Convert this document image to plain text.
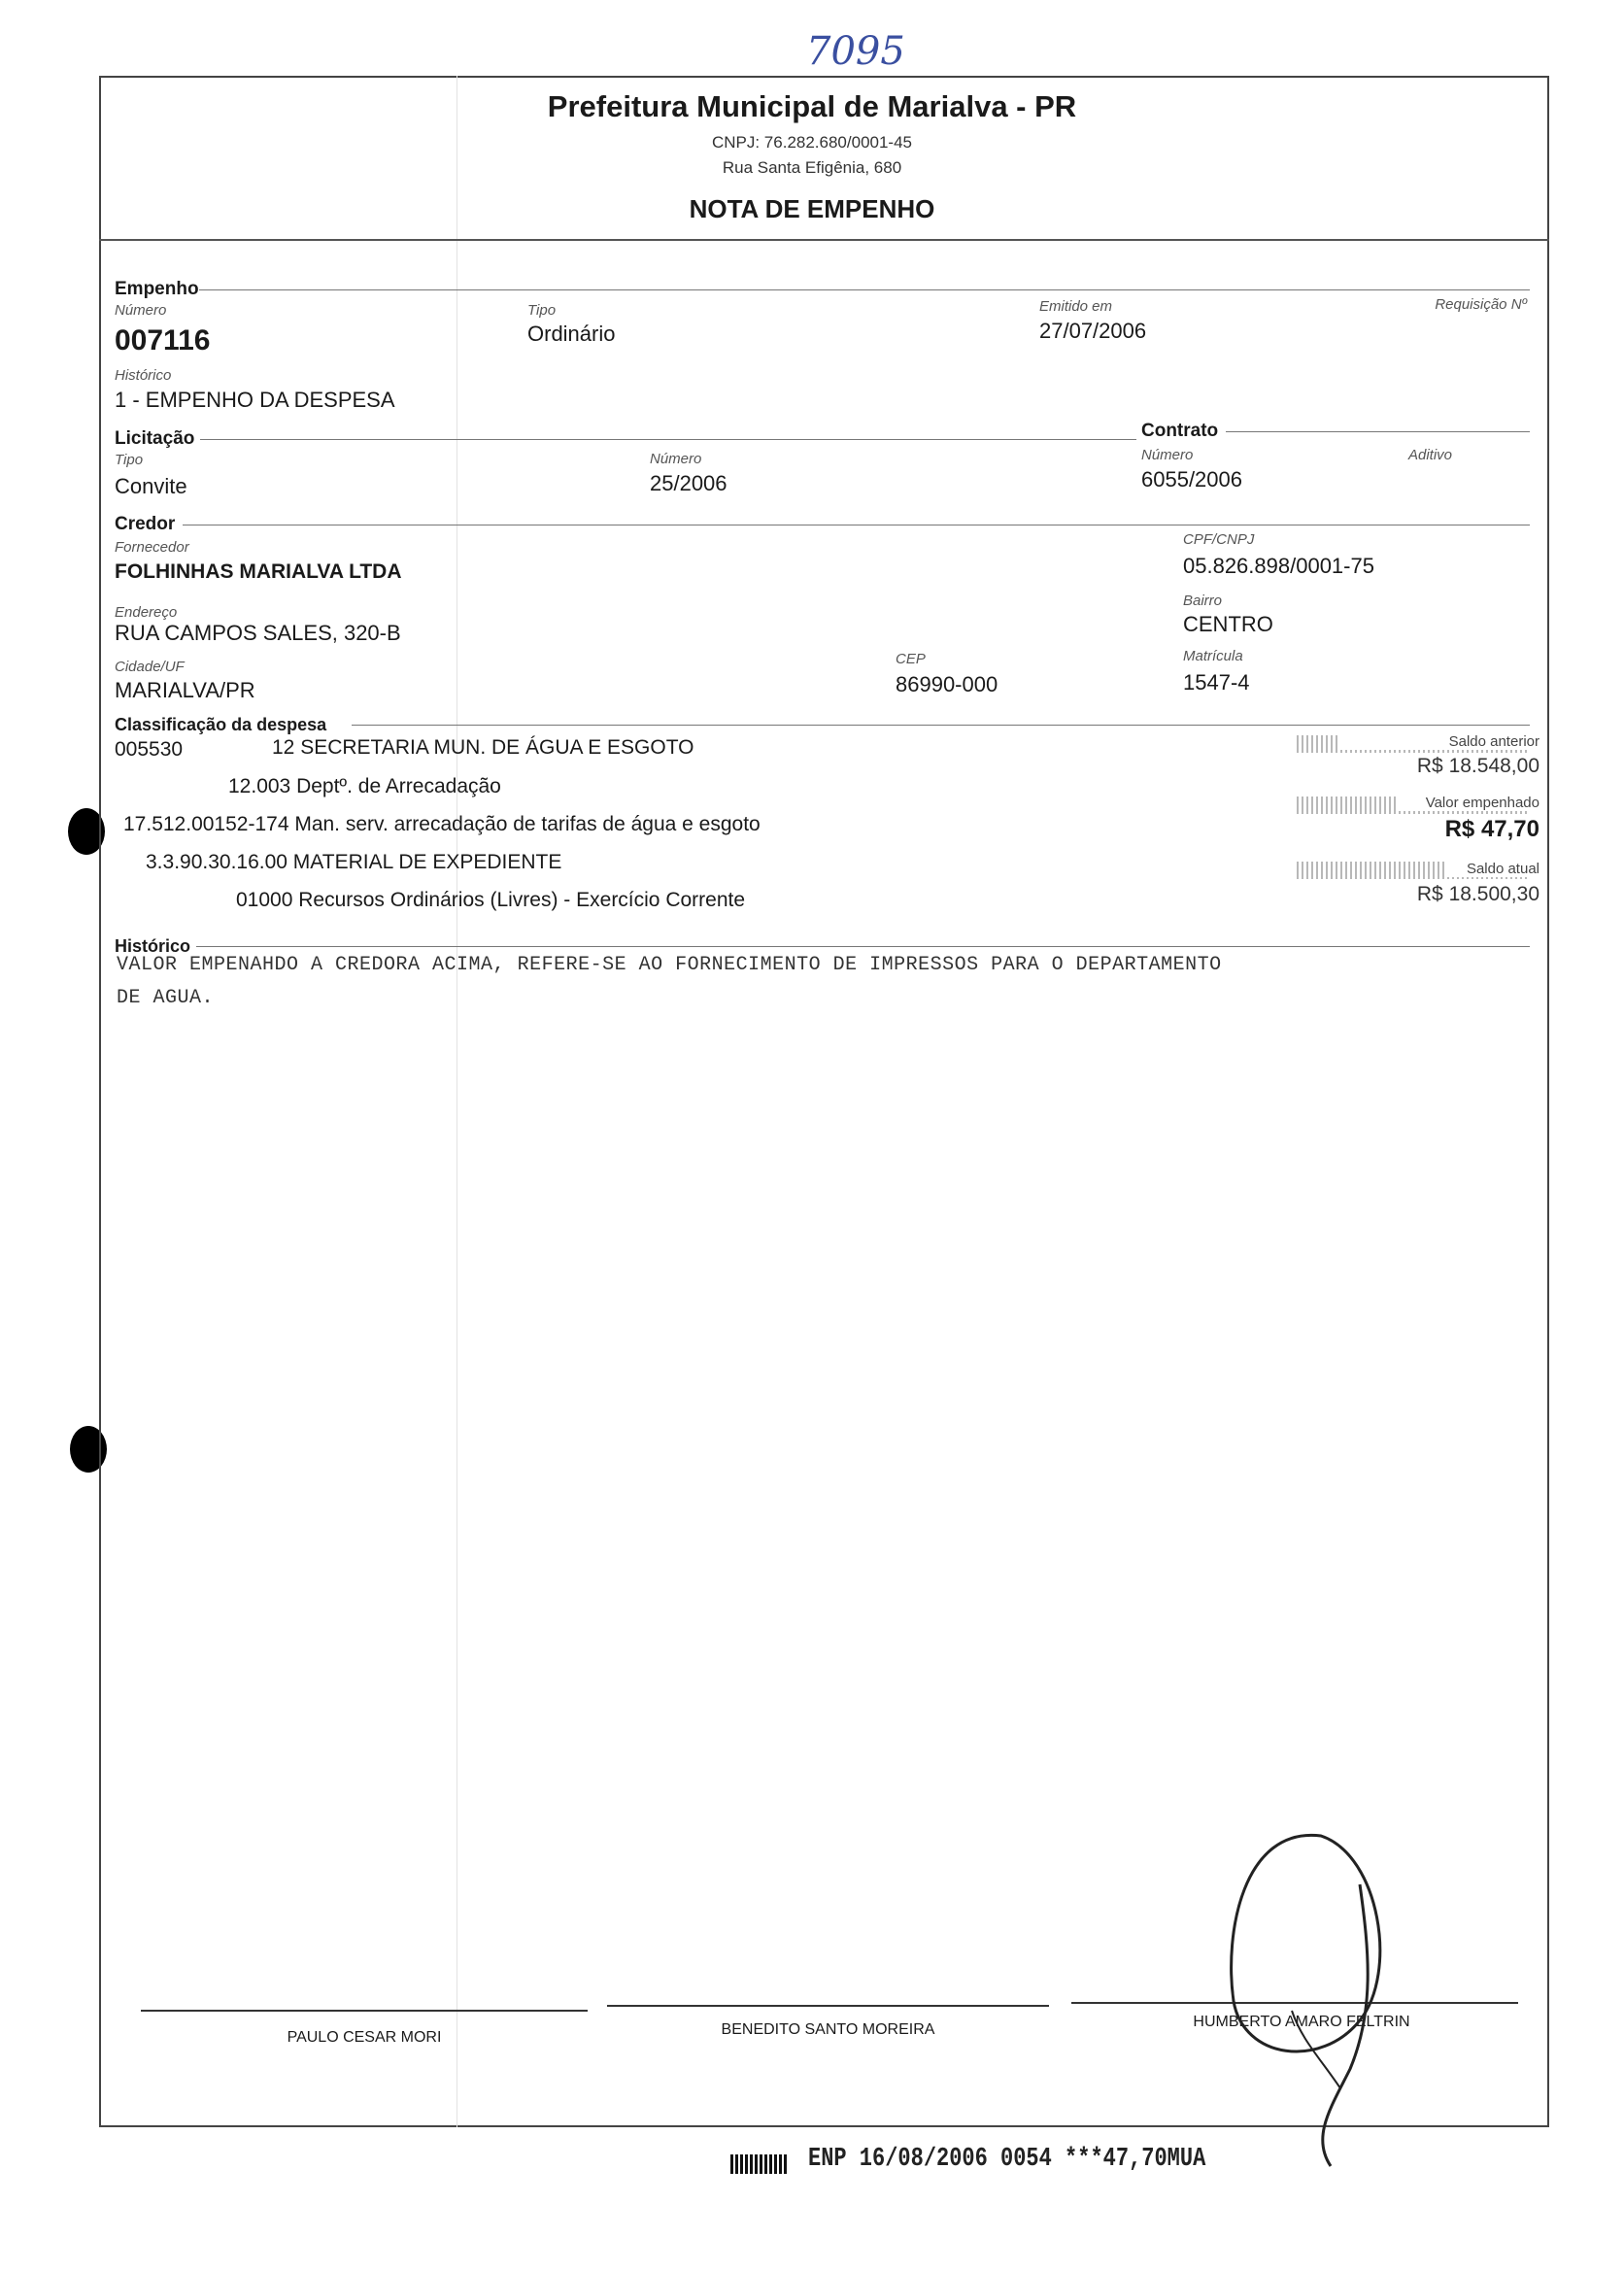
7095
Prefeitura Municipal de Marialva - PR
CNPJ: 76.282.680/0001-45
Rua Santa Efigênia, 680
NOTA DE EMPENHO
Empenho
Número
007116
Tipo
Ordinário
Emitido em
27/07/2006
Requisição Nº
Histórico
1 - EMPENHO DA DESPESA
Licitação	Contrato
Tipo
Convite
Número
25/2006
Número
6055/2006
Aditivo
Credor
Fornecedor
FOLHINHAS MARIALVA LTDA
CPF/CNPJ
05.826.898/0001-75
Endereço
RUA CAMPOS SALES, 320-B
Bairro
CENTRO
Cidade/UF
MARIALVA/PR
CEP
86990-000
Matrícula
1547-4
Classificação da despesa
005530	12 SECRETARIA MUN. DE ÁGUA E ESGOTO
12.003 Deptº. de Arrecadação
17.512.00152-174 Man. serv. arrecadação de tarifas de água e esgoto
3.3.90.30.16.00 MATERIAL DE EXPEDIENTE
01000 Recursos Ordinários (Livres) - Exercício Corrente
Saldo anterior
R$ 18.548,00
Valor empenhado
R$ 47,70
Saldo atual
R$ 18.500,30
Histórico
VALOR EMPENAHDO A CREDORA ACIMA, REFERE-SE AO FORNECIMENTO DE IMPRESSOS PARA O DEPARTAMENTO
DE AGUA.
PAULO CESAR MORI	BENEDITO SANTO MOREIRA	HUMBERTO AMARO FELTRIN
ENP 16/08/2006 0054 ***47,70MUA
